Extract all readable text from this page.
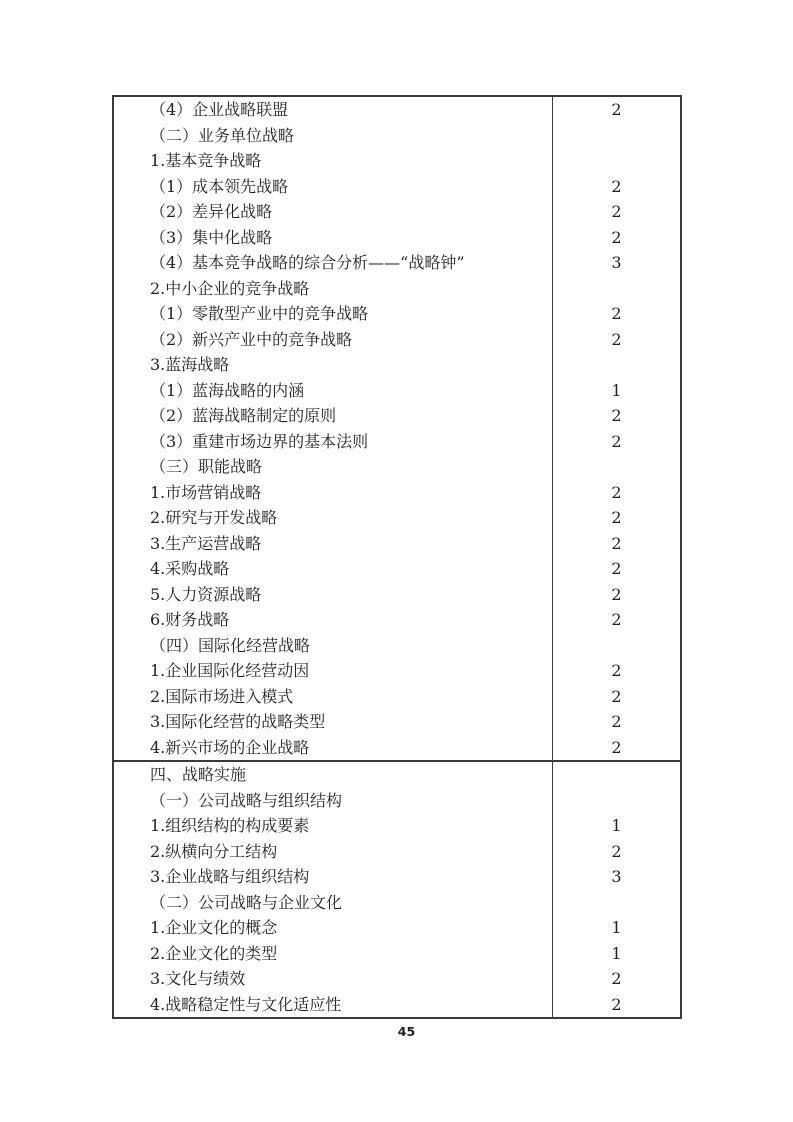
（4）企业战略联盟	2
（二）业务单位战略
1.基本竞争战略
（1）成本领先战略	2
（2）差异化战略	2
（3）集中化战略	2
（4）基本竞争战略的综合分析——“战略钟”	3
2.中小企业的竞争战略
（1）零散型产业中的竞争战略	2
（2）新兴产业中的竞争战略	2
3.蓝海战略
（1）蓝海战略的内涵	1
（2）蓝海战略制定的原则	2
（3）重建市场边界的基本法则	2
（三）职能战略
1.市场营销战略	2
2.研究与开发战略	2
3.生产运营战略	2
4.采购战略	2
5.人力资源战略	2
6.财务战略	2
（四）国际化经营战略
1.企业国际化经营动因	2
2.国际市场进入模式	2
3.国际化经营的战略类型	2
4.新兴市场的企业战略	2
四、战略实施
（一）公司战略与组织结构
1.组织结构的构成要素	1
2.纵横向分工结构	2
3.企业战略与组织结构	3
（二）公司战略与企业文化
1.企业文化的概念	1
2.企业文化的类型	1
3.文化与绩效	2
4.战略稳定性与文化适应性	2
45
